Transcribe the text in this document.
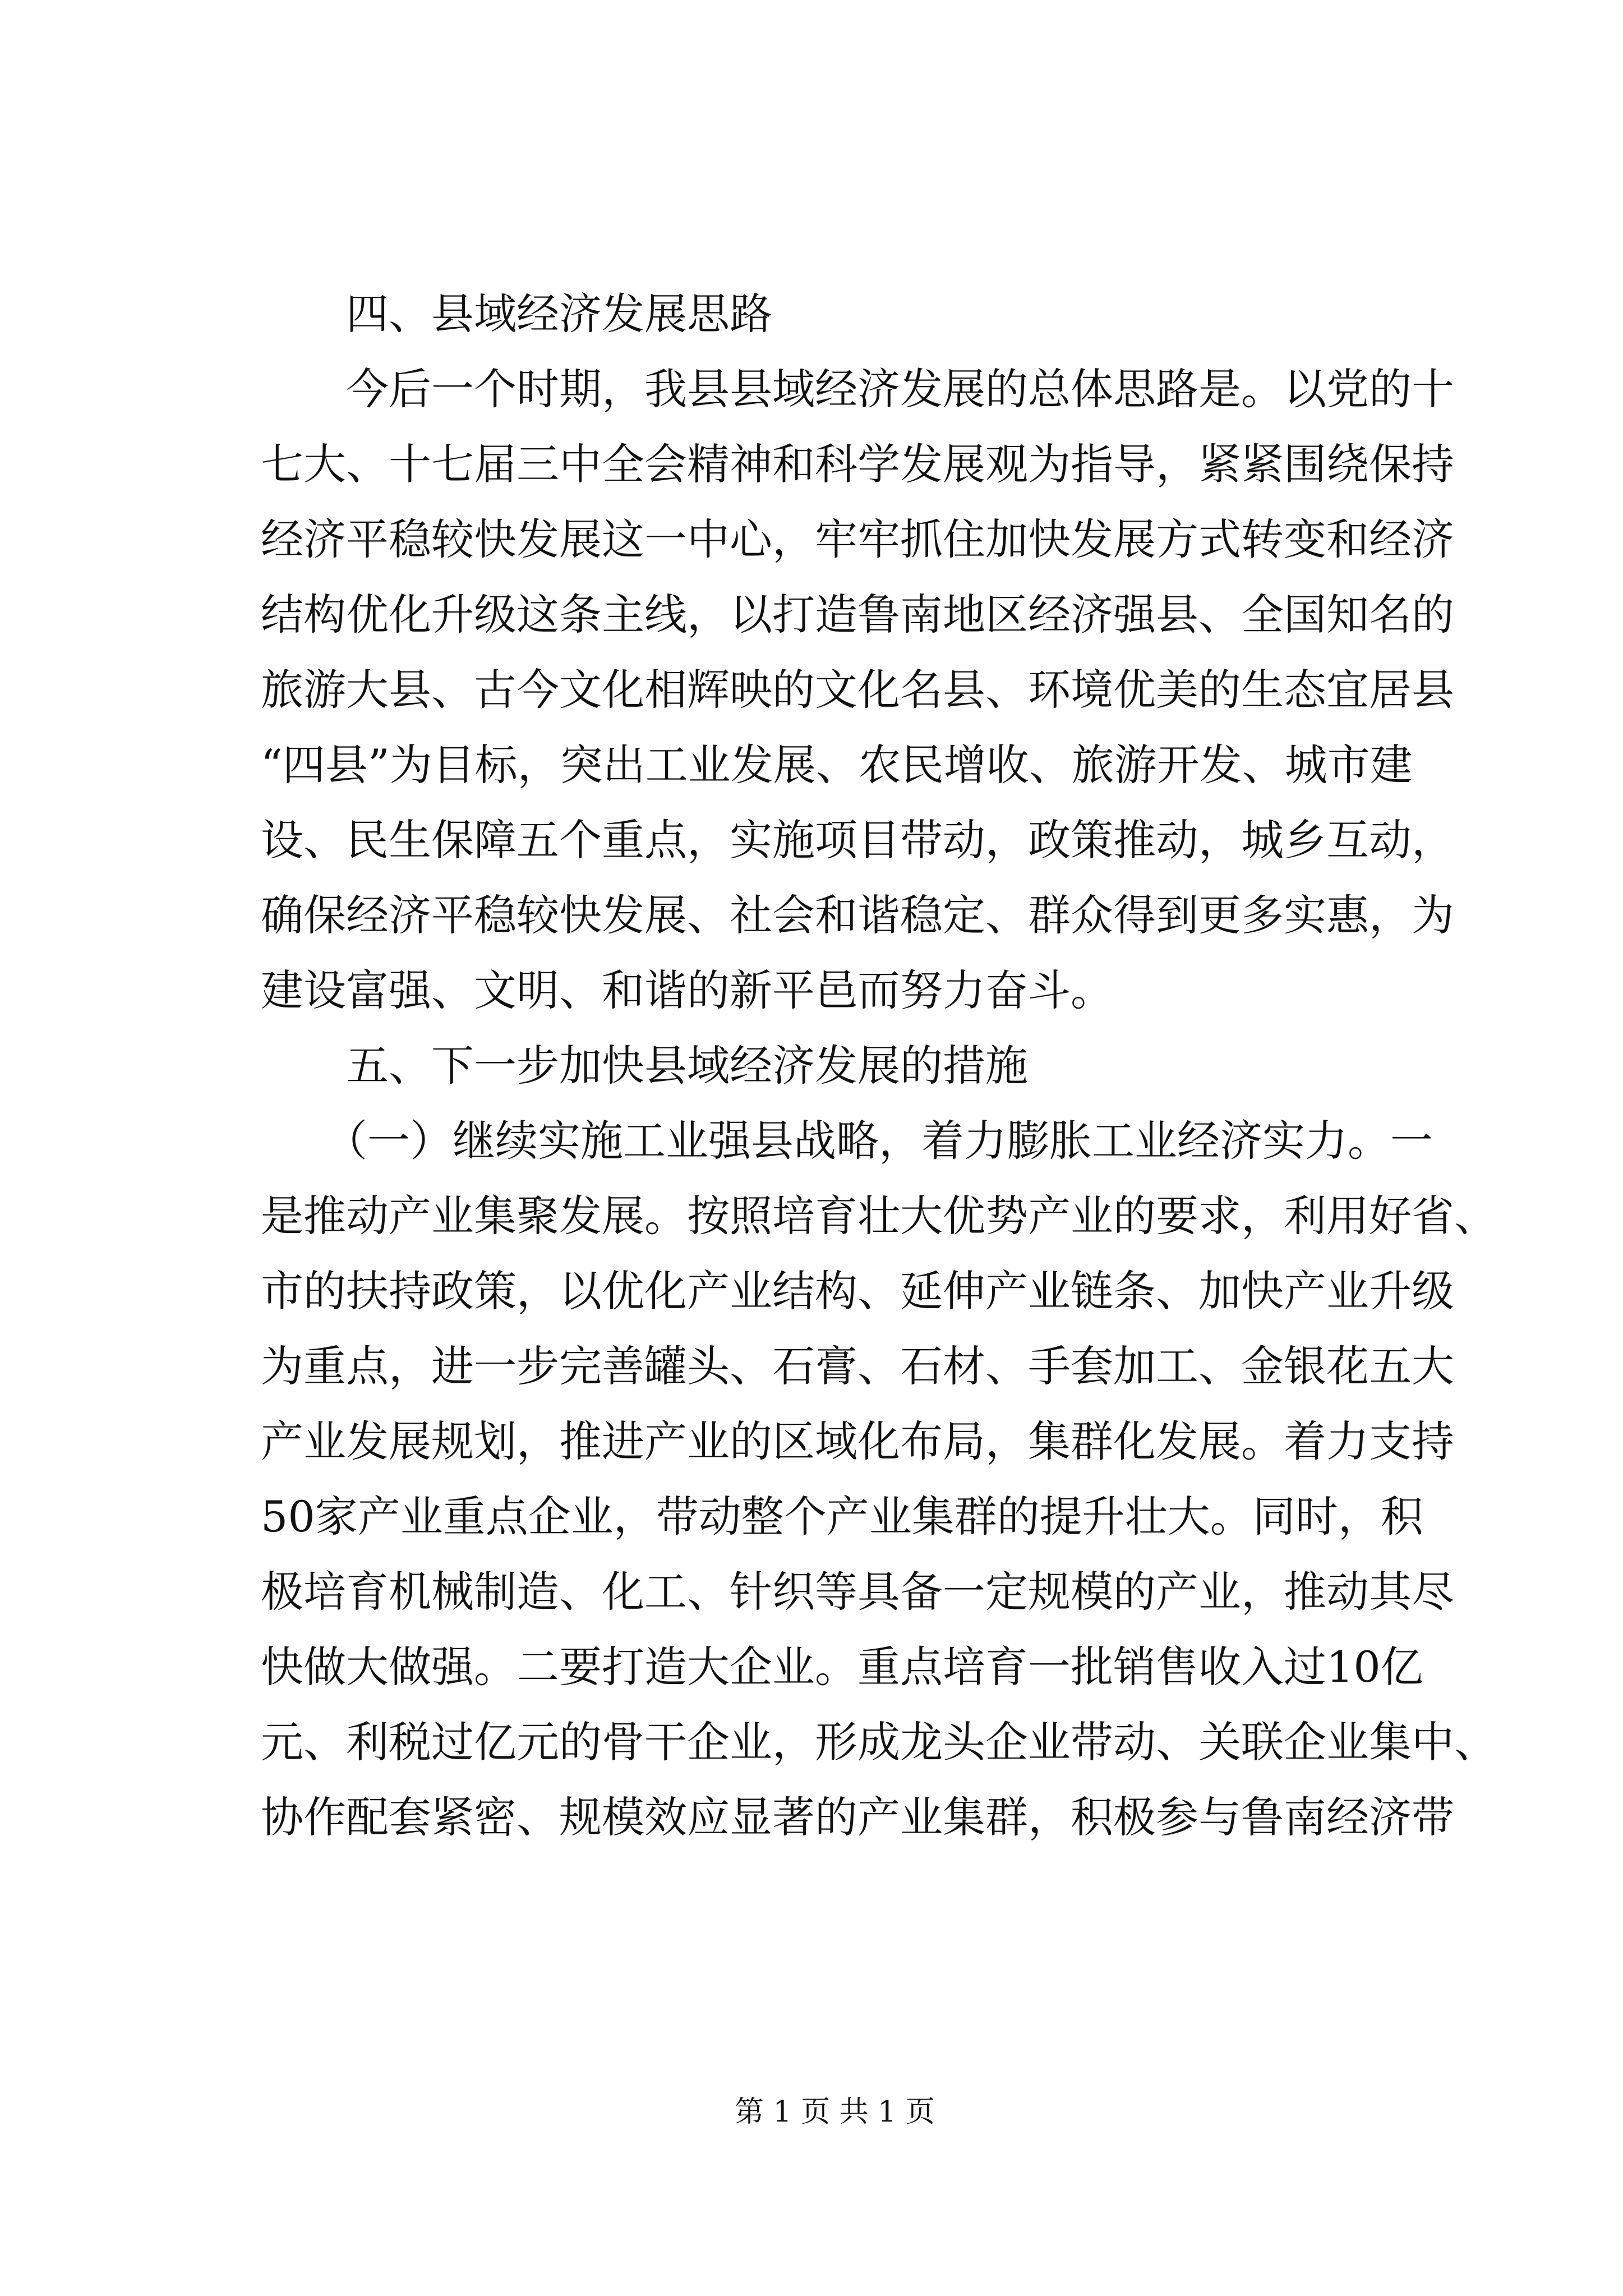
四、县域经济发展思路

今后一个时期，我县县域经济发展的总体思路是。以党的十

七大、十七届三中全会精神和科学发展观为指导，紧紧围绕保持

经济平稳较快发展这一中心，牢牢抓住加快发展方式转变和经济

结构优化升级这条主线，以打造鲁南地区经济强县、全国知名的

旅游大县、古今文化相辉映的文化名县、环境优美的生态宜居县

“四县”为目标，突出工业发展、农民增收、旅游开发、城市建

设、民生保障五个重点，实施项目带动，政策推动，城乡互动，

确保经济平稳较快发展、社会和谐稳定、群众得到更多实惠，为

建设富强、文明、和谐的新平邑而努力奋斗。

五、下一步加快县域经济发展的措施

（一）继续实施工业强县战略，着力膨胀工业经济实力。一

是推动产业集聚发展。按照培育壮大优势产业的要求，利用好省、

市的扶持政策，以优化产业结构、延伸产业链条、加快产业升级

为重点，进一步完善罐头、石膏、石材、手套加工、金银花五大

产业发展规划，推进产业的区域化布局，集群化发展。着力支持

50家产业重点企业，带动整个产业集群的提升壮大。同时，积

极培育机械制造、化工、针织等具备一定规模的产业，推动其尽

快做大做强。二要打造大企业。重点培育一批销售收入过10亿

元、利税过亿元的骨干企业，形成龙头企业带动、关联企业集中、

协作配套紧密、规模效应显著的产业集群，积极参与鲁南经济带

第 1 页 共 1 页
